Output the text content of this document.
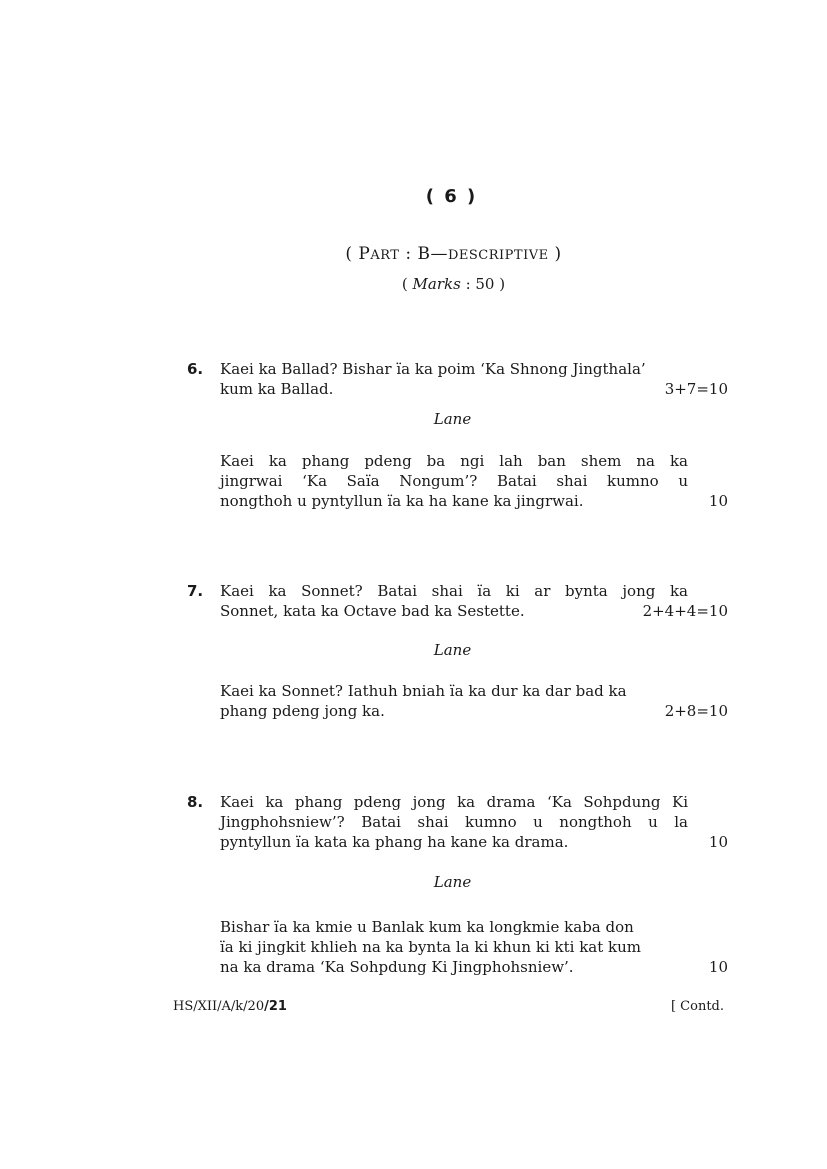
( 6 )
( PART : B—DESCRIPTIVE )
( Marks : 50 )
6. Kaei ka Ballad? Bishar ïa ka poim ‘Ka Shnong Jingthala’
kum ka Ballad.	3+7=10
Lane
Kaei ka phang pdeng ba ngi lah ban shem na ka
jingrwai ‘Ka Saïa Nongum’? Batai shai kumno u
nongthoh u pyntyllun ïa ka ha kane ka jingrwai.	10
7. Kaei ka Sonnet? Batai shai ïa ki ar bynta jong ka
Sonnet, kata ka Octave bad ka Sestette.	2+4+4=10
Lane
Kaei ka Sonnet? Iathuh bniah ïa ka dur ka dar bad ka
phang pdeng jong ka.	2+8=10
8. Kaei ka phang pdeng jong ka drama ‘Ka Sohpdung Ki
Jingphohsniew’? Batai shai kumno u nongthoh u la
pyntyllun ïa kata ka phang ha kane ka drama.	10
Lane
Bishar ïa ka kmie u Banlak kum ka longkmie kaba don
ïa ki jingkit khlieh na ka bynta la ki khun ki kti kat kum
na ka drama ‘Ka Sohpdung Ki Jingphohsniew’.	10
HS/XII/A/k/20/21	[ Contd.
